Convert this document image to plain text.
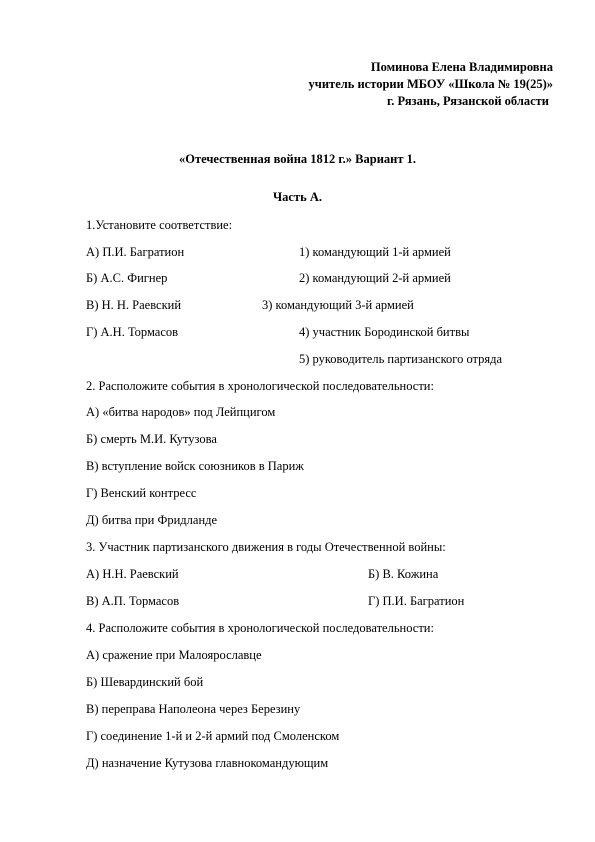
Поминова Елена Владимировна
учитель истории МБОУ «Школа № 19(25)»
г. Рязань, Рязанской области
«Отечественная война 1812 г.» Вариант 1.
Часть А.
1.Установите соответствие:
А) П.И. Багратион	1) командующий 1-й армией
Б) А.С. Фигнер	2) командующий 2-й армией
В) Н. Н. Раевский	3) командующий 3-й армией
Г) А.Н. Тормасов	4) участник Бородинской битвы
5) руководитель партизанского отряда
2. Расположите события в хронологической последовательности:
А) «битва народов» под Лейпцигом
Б) смерть М.И. Кутузова
В) вступление войск союзников в Париж
Г) Венский контресс
Д) битва при Фридланде
3. Участник партизанского движения в годы Отечественной войны:
А) Н.Н. Раевский	Б) В. Кожина
В) А.П. Тормасов	Г) П.И. Багратион
4. Расположите события в хронологической последовательности:
А) сражение при Малоярославце
Б) Шевардинский бой
В) переправа Наполеона через Березину
Г) соединение 1-й и 2-й армий под Смоленском
Д) назначение Кутузова главнокомандующим
